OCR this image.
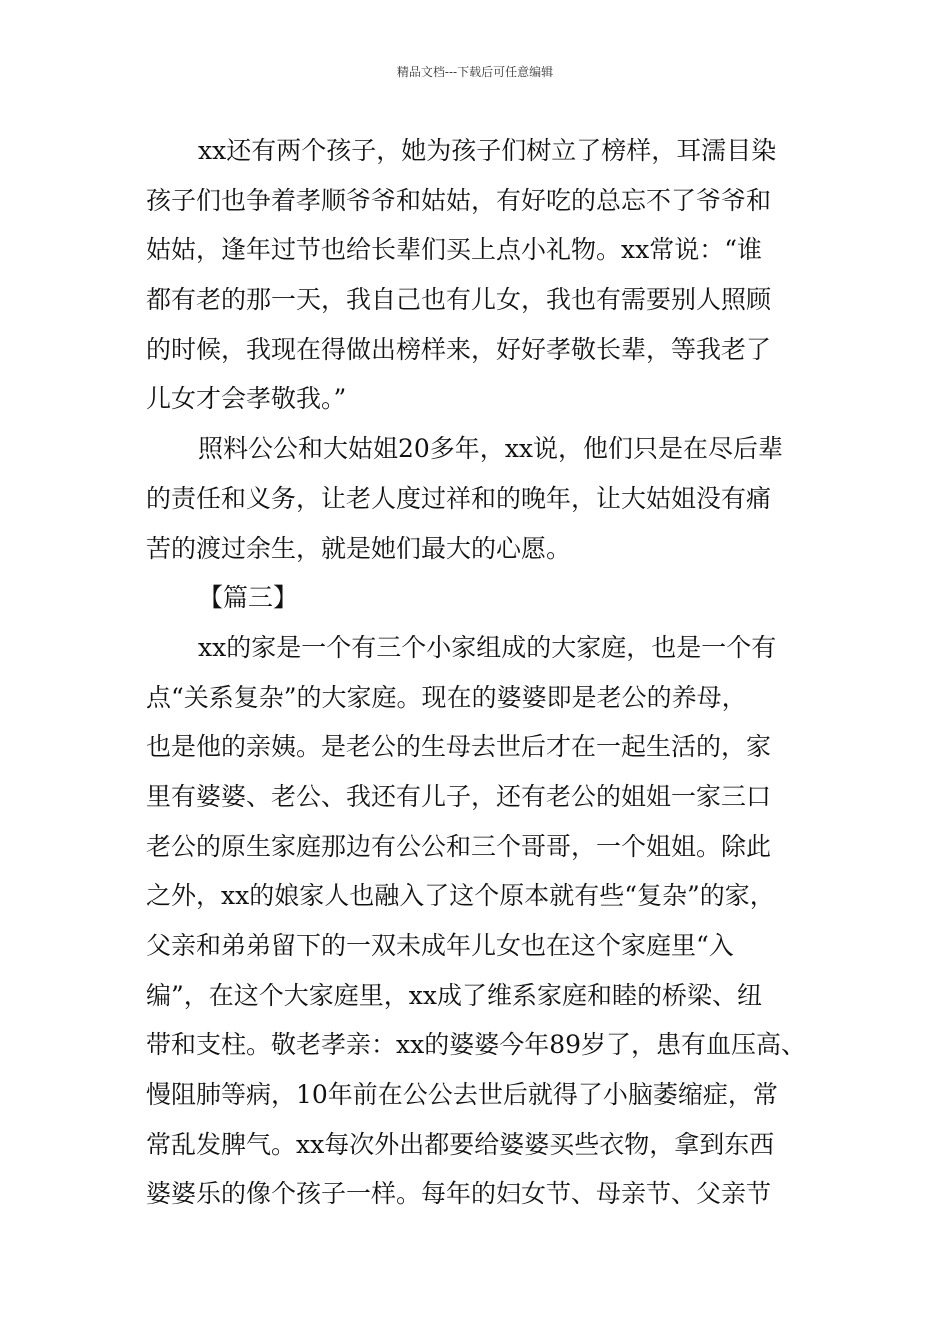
精品文档---下载后可任意编辑
xx还有两个孩子，她为孩子们树立了榜样，耳濡目染
孩子们也争着孝顺爷爷和姑姑，有好吃的总忘不了爷爷和
姑姑，逢年过节也给长辈们买上点小礼物。xx常说：“谁
都有老的那一天，我自己也有儿女，我也有需要别人照顾
的时候，我现在得做出榜样来，好好孝敬长辈，等我老了
儿女才会孝敬我。”
照料公公和大姑姐20多年，xx说，他们只是在尽后辈
的责任和义务，让老人度过祥和的晚年，让大姑姐没有痛
苦的渡过余生，就是她们最大的心愿。
【篇三】
xx的家是一个有三个小家组成的大家庭，也是一个有
点“关系复杂”的大家庭。现在的婆婆即是老公的养母，
也是他的亲姨。是老公的生母去世后才在一起生活的，家
里有婆婆、老公、我还有儿子，还有老公的姐姐一家三口
老公的原生家庭那边有公公和三个哥哥，一个姐姐。除此
之外，xx的娘家人也融入了这个原本就有些“复杂”的家，
父亲和弟弟留下的一双未成年儿女也在这个家庭里“入
编”，在这个大家庭里，xx成了维系家庭和睦的桥梁、纽
带和支柱。敬老孝亲：xx的婆婆今年89岁了，患有血压高、
慢阻肺等病，10年前在公公去世后就得了小脑萎缩症，常
常乱发脾气。xx每次外出都要给婆婆买些衣物，拿到东西
婆婆乐的像个孩子一样。每年的妇女节、母亲节、父亲节
